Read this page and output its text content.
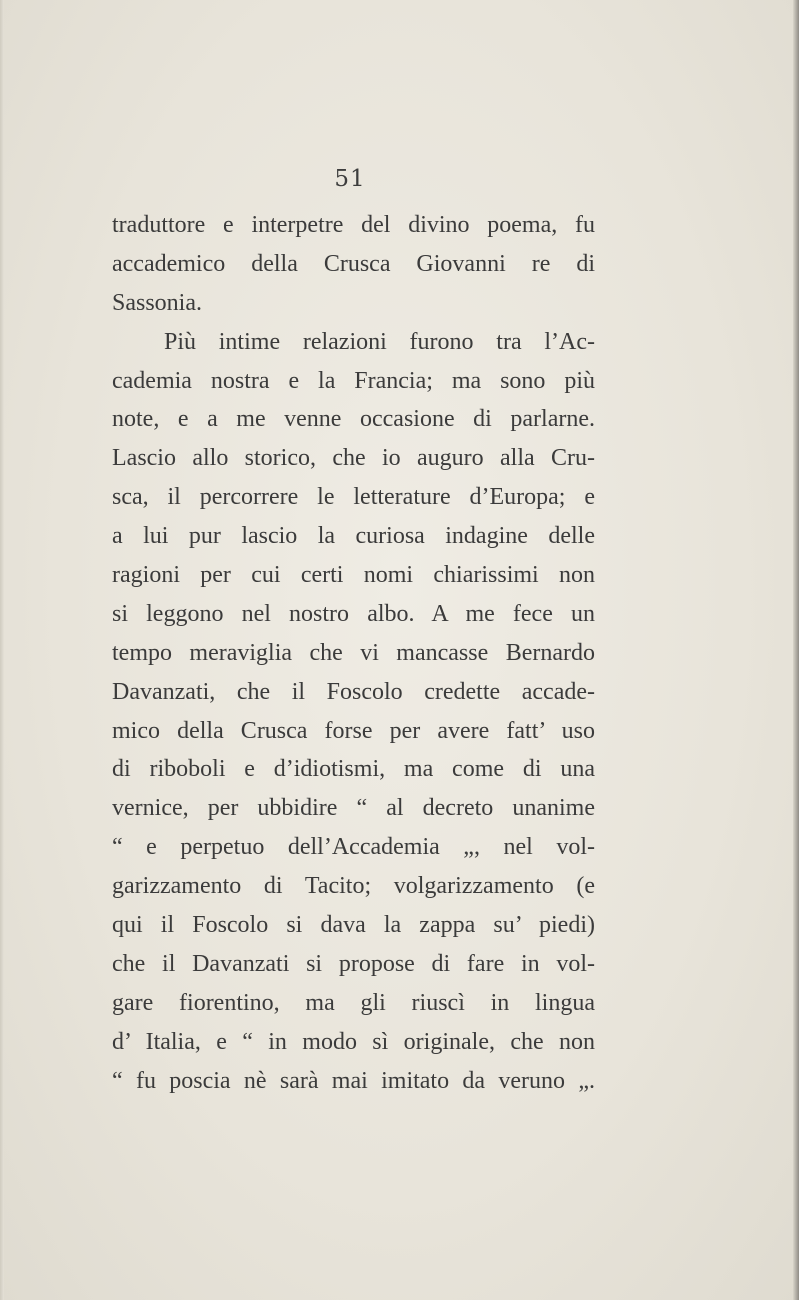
51
traduttore e interpetre del divino poema, fu
accademico della Crusca Giovanni re di
Sassonia.
Più intime relazioni furono tra l’Ac-
cademia nostra e la Francia; ma sono più
note, e a me venne occasione di parlarne.
Lascio allo storico, che io auguro alla Cru-
sca, il percorrere le letterature d’Europa; e
a lui pur lascio la curiosa indagine delle
ragioni per cui certi nomi chiarissimi non
si leggono nel nostro albo. A me fece un
tempo meraviglia che vi mancasse Bernardo
Davanzati, che il Foscolo credette accade-
mico della Crusca forse per avere fatt’ uso
di riboboli e d’idiotismi, ma come di una
vernice, per ubbidire “ al decreto unanime
“ e perpetuo dell’Accademia „, nel vol-
garizzamento di Tacito; volgarizzamento (e
qui il Foscolo si dava la zappa su’ piedi)
che il Davanzati si propose di fare in vol-
gare fiorentino, ma gli riuscì in lingua
d’ Italia, e “ in modo sì originale, che non
“ fu poscia nè sarà mai imitato da veruno „.
